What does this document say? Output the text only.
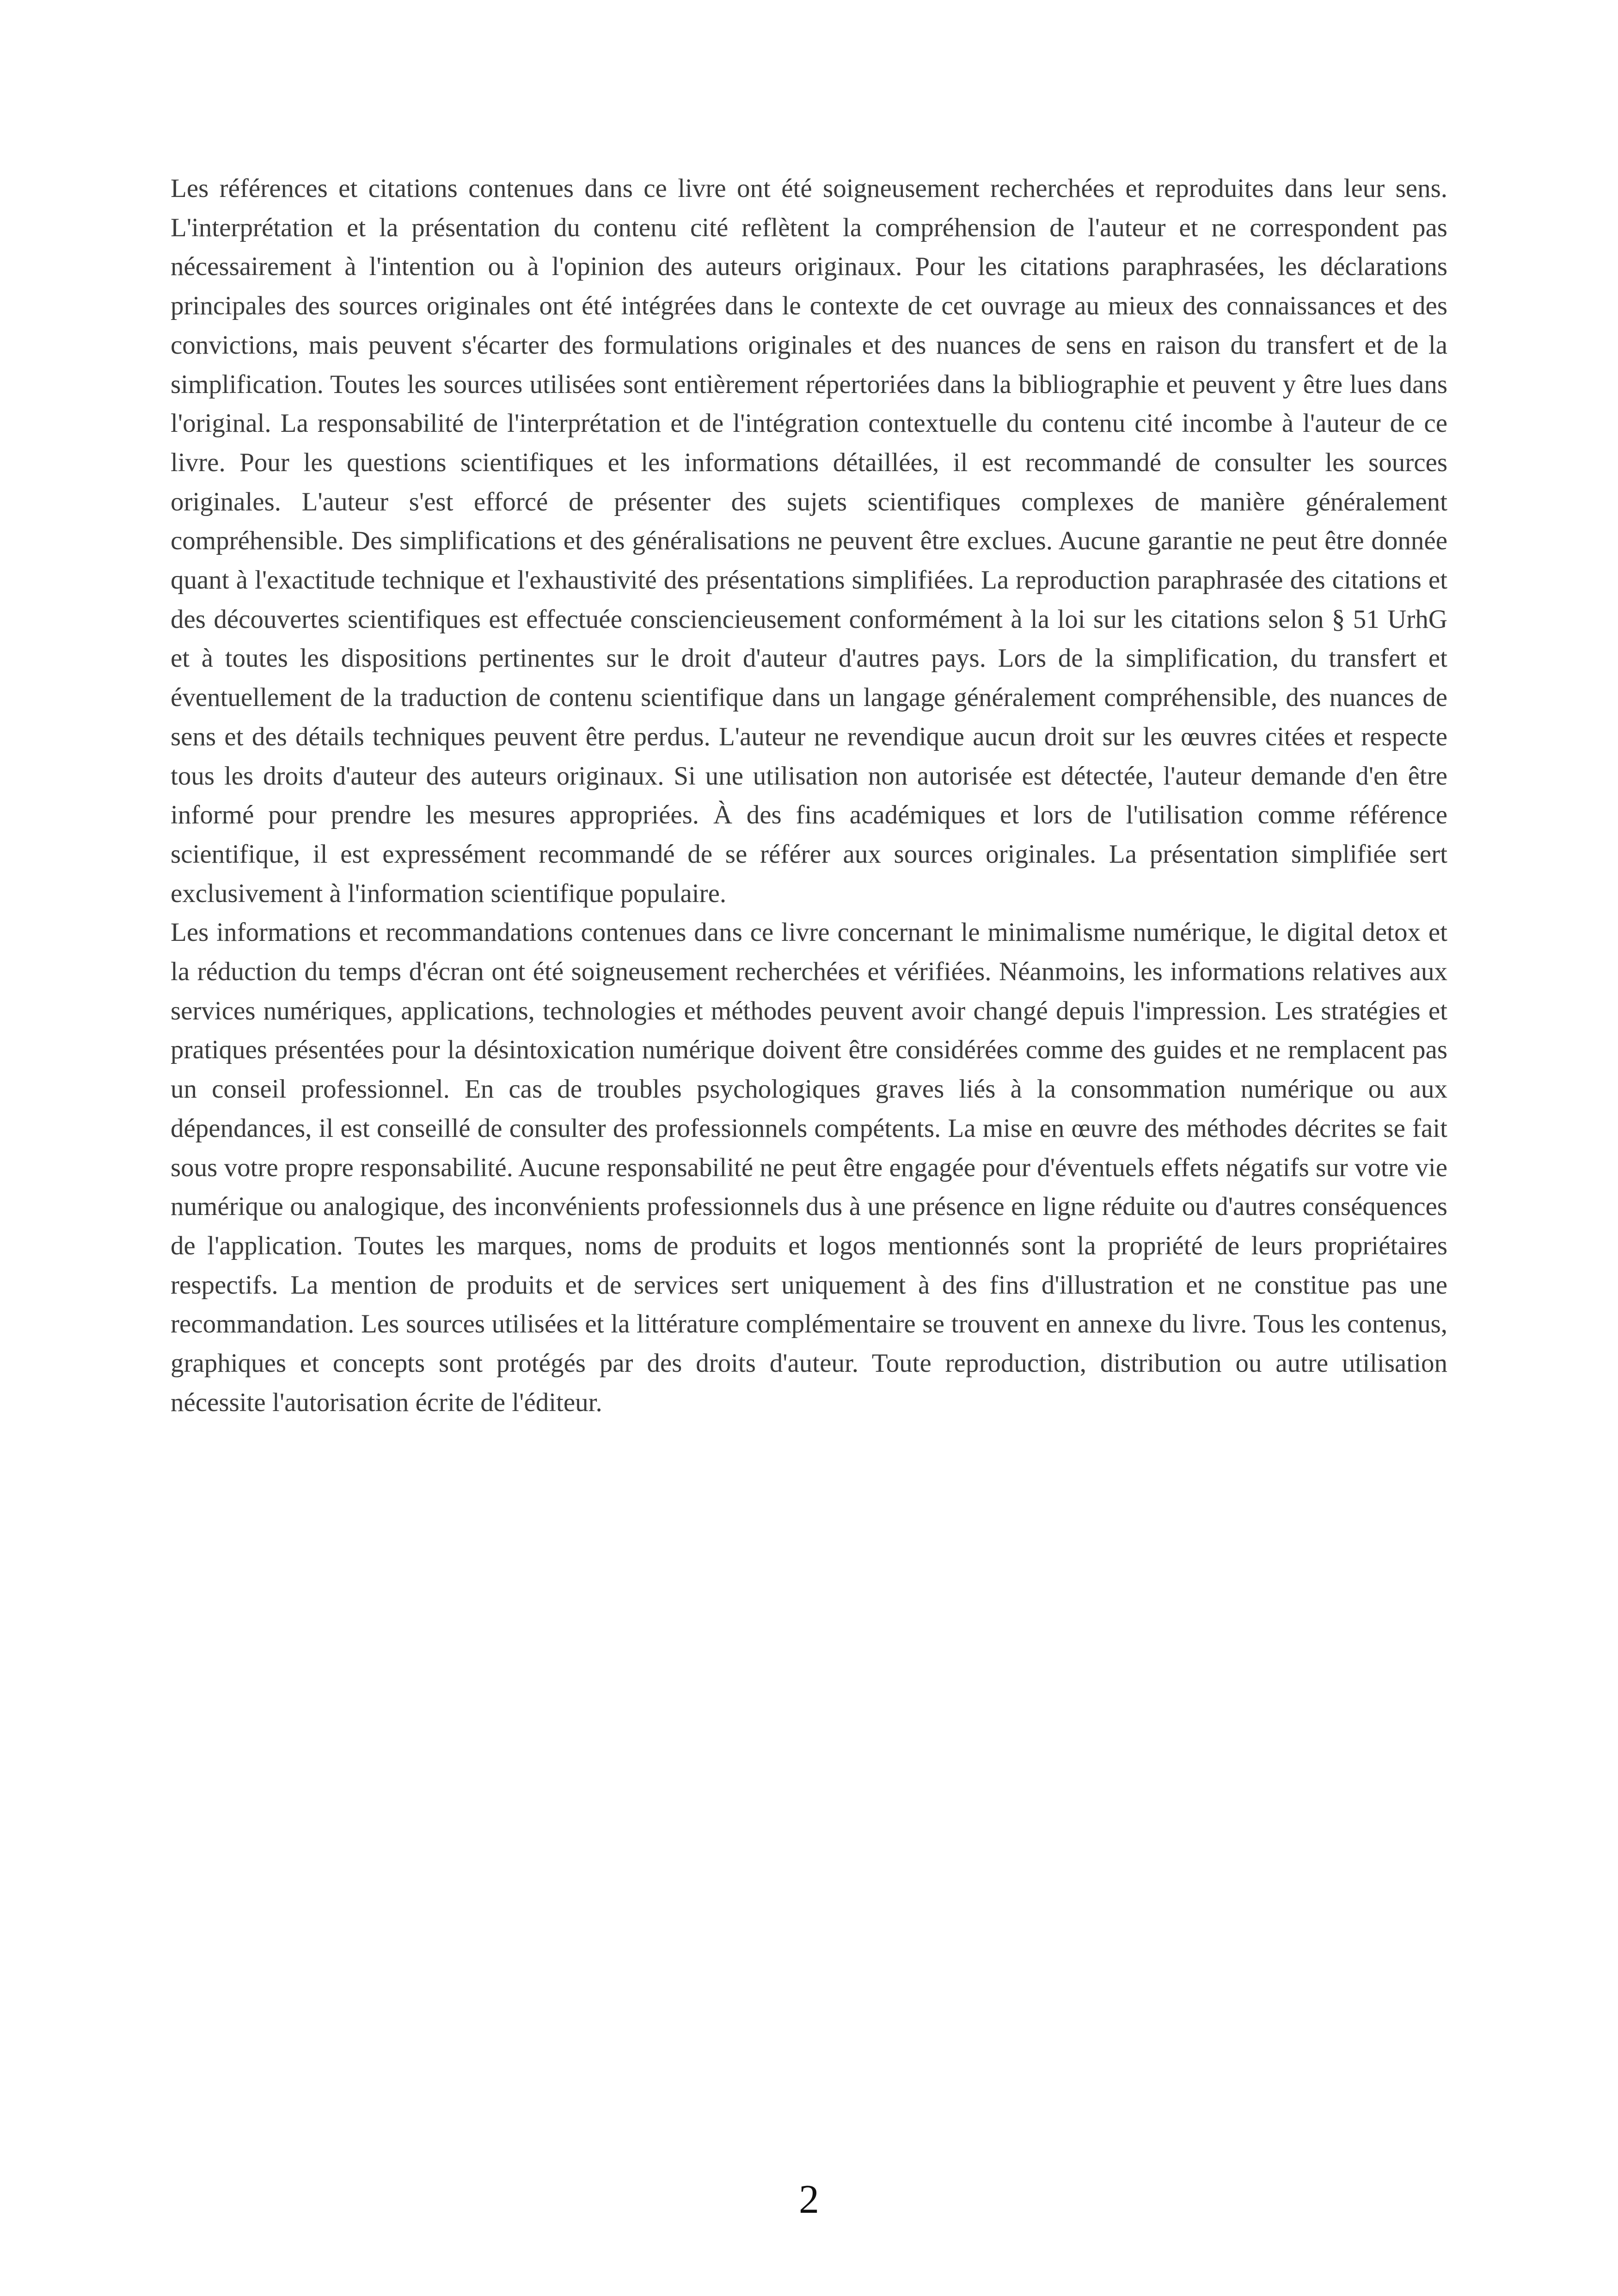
Les références et citations contenues dans ce livre ont été soigneusement recherchées et reproduites dans leur sens. L'interprétation et la présentation du contenu cité reflètent la compréhension de l'auteur et ne correspondent pas nécessairement à l'intention ou à l'opinion des auteurs originaux. Pour les citations paraphrasées, les déclarations principales des sources originales ont été intégrées dans le contexte de cet ouvrage au mieux des connaissances et des convictions, mais peuvent s'écarter des formulations originales et des nuances de sens en raison du transfert et de la simplification. Toutes les sources utilisées sont entièrement répertoriées dans la bibliographie et peuvent y être lues dans l'original. La responsabilité de l'interprétation et de l'intégration contextuelle du contenu cité incombe à l'auteur de ce livre. Pour les questions scientifiques et les informations détaillées, il est recommandé de consulter les sources originales. L'auteur s'est efforcé de présenter des sujets scientifiques complexes de manière généralement compréhensible. Des simplifications et des généralisations ne peuvent être exclues. Aucune garantie ne peut être donnée quant à l'exactitude technique et l'exhaustivité des présentations simplifiées. La reproduction paraphrasée des citations et des découvertes scientifiques est effectuée consciencieusement conformément à la loi sur les citations selon § 51 UrhG et à toutes les dispositions pertinentes sur le droit d'auteur d'autres pays. Lors de la simplification, du transfert et éventuellement de la traduction de contenu scientifique dans un langage généralement compréhensible, des nuances de sens et des détails techniques peuvent être perdus. L'auteur ne revendique aucun droit sur les œuvres citées et respecte tous les droits d'auteur des auteurs originaux. Si une utilisation non autorisée est détectée, l'auteur demande d'en être informé pour prendre les mesures appropriées. À des fins académiques et lors de l'utilisation comme référence scientifique, il est expressément recommandé de se référer aux sources originales. La présentation simplifiée sert exclusivement à l'information scientifique populaire.

Les informations et recommandations contenues dans ce livre concernant le minimalisme numérique, le digital detox et la réduction du temps d'écran ont été soigneusement recherchées et vérifiées. Néanmoins, les informations relatives aux services numériques, applications, technologies et méthodes peuvent avoir changé depuis l'impression. Les stratégies et pratiques présentées pour la désintoxication numérique doivent être considérées comme des guides et ne remplacent pas un conseil professionnel. En cas de troubles psychologiques graves liés à la consommation numérique ou aux dépendances, il est conseillé de consulter des professionnels compétents. La mise en œuvre des méthodes décrites se fait sous votre propre responsabilité. Aucune responsabilité ne peut être engagée pour d'éventuels effets négatifs sur votre vie numérique ou analogique, des inconvénients professionnels dus à une présence en ligne réduite ou d'autres conséquences de l'application. Toutes les marques, noms de produits et logos mentionnés sont la propriété de leurs propriétaires respectifs. La mention de produits et de services sert uniquement à des fins d'illustration et ne constitue pas une recommandation. Les sources utilisées et la littérature complémentaire se trouvent en annexe du livre. Tous les contenus, graphiques et concepts sont protégés par des droits d'auteur. Toute reproduction, distribution ou autre utilisation nécessite l'autorisation écrite de l'éditeur.

2
